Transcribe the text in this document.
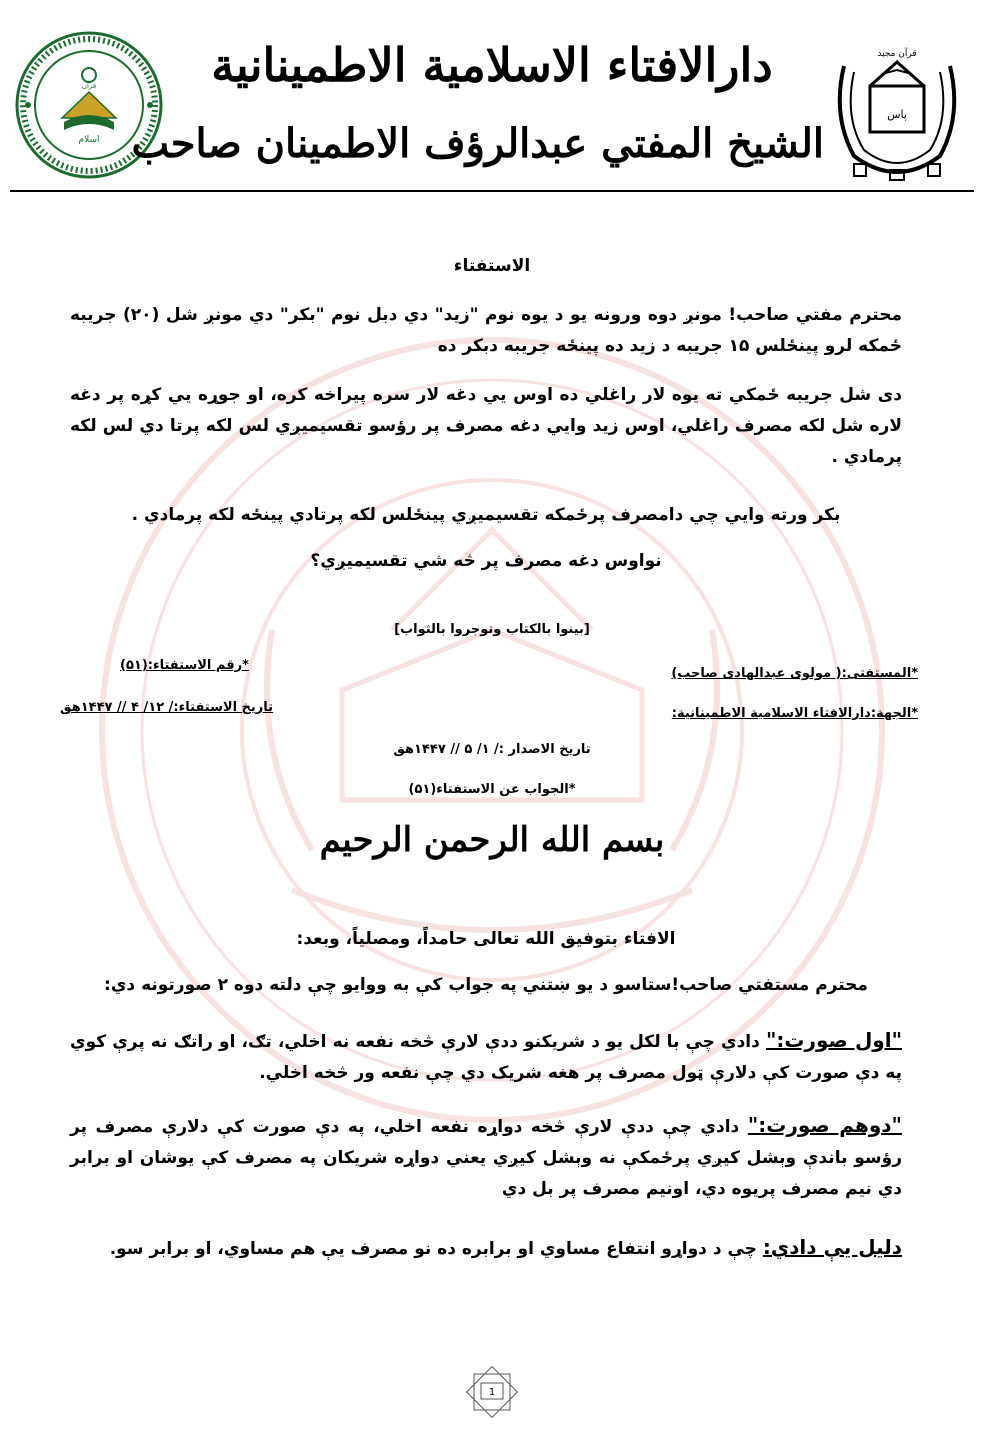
اسلام
قرآن	دارالافتاء الاسلامية الاطمينانية
الشيخ المفتي عبدالرؤف الاطمينان صاحب
قرآن مجيد
پاس
الاستفتاء
محترم مفتي صاحب! مونږ دوه ورونه يو د يوه نوم "زيد" دي دبل نوم "بکر" دي مونږ شل (۲۰) جريبه ځمکه لرو پينځلس ۱۵ جريبه د زيد ده پينځه جريبه دبکر ده
دی شل جريبه ځمکي ته يوه لار راغلي ده اوس يي دغه لار سره پيراخه کره، او جوړه يي کړه پر دغه لاره شل لکه مصرف راغلي، اوس زيد وايي دغه مصرف پر رؤسو تقسيميږي لس لکه پرتا دي لس لکه پرمادي .
بکر ورته وايي چي دامصرف پرځمکه تقسيميږي پينځلس لکه پرتادي پينځه لکه پرمادي .
نواوس دغه مصرف پر څه شي تقسيميږي؟
[بينوا بالکتاب وتوجروا بالثواب]
*المستفتی:( مولوی عبدالهادی صاحب)
*رقم الاستفتاء:(۵۱)
*الجهة:دارالافتاء الاسلامية الاطمينانية:
تاريخ الاستفتاء:/ ۱۲/ ۴ // ۱۴۴۷هق
تاريخ الاصدار :/ ۱/ ۵ // ۱۴۴۷هق
*الجواب عن الاستفتاء(۵۱)
بسم الله الرحمن الرحيم
الافتاء بتوفيق الله تعالی حامداً، ومصلياً، وبعد:
محترم مستفتي صاحب!ستاسو د يو ښتني په جواب کې به ووايو چې دلته دوه ۲ صورتونه دي:
"اول صورت:" دادي چې با لکل يو د شريکنو ددې لارې څخه نفعه نه اخلي، تګ، او راتګ نه پرې کوي په دې صورت کې دلارې ټول مصرف پر هغه شريک دي چې نفعه ور څخه اخلي.
"دوهم صورت:" دادي چې ددې لارې څخه دواړه نفعه اخلي، په دې صورت کې دلارې مصرف پر رؤسو باندې وېشل کيږي پرځمکې نه وېشل کيږي يعني دواړه شريکان په مصرف کې يوشان او برابر دي نيم مصرف پريوه دي، اونيم مصرف پر بل دي
دليل يې دادي: چې د دواړو انتفاع مساوي او برابره ده نو مصرف يې هم مساوي، او برابر سو.
1
